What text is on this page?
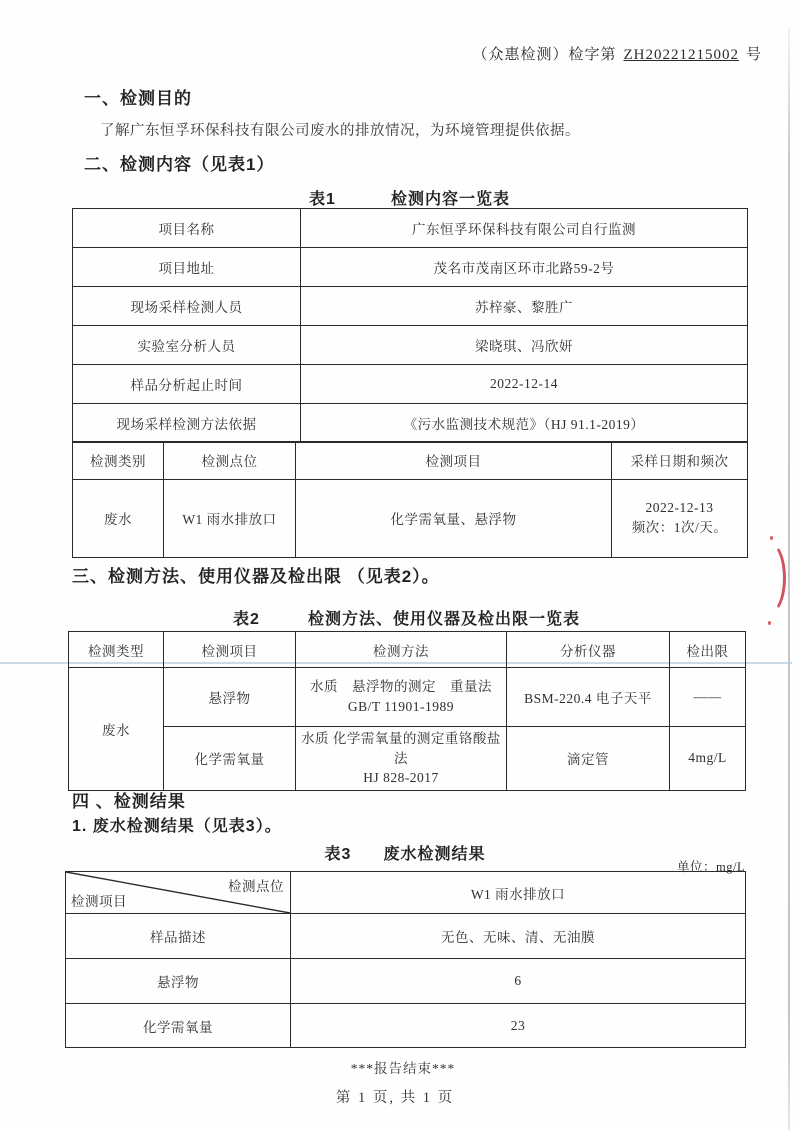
（众惠检测）检字第 ZH20221215002 号
一、检测目的
了解广东恒孚环保科技有限公司废水的排放情况，为环境管理提供依据。
二、检测内容（见表1）
表1	检测内容一览表
项目名称	广东恒孚环保科技有限公司自行监测
项目地址	茂名市茂南区环市北路59-2号
现场采样检测人员	苏梓豪、黎胜广
实验室分析人员	梁晓琪、冯欣妍
样品分析起止时间	2022-12-14
现场采样检测方法依据	《污水监测技术规范》（HJ 91.1-2019）
检测类别	检测点位	检测项目	采样日期和频次
废水	W1 雨水排放口	化学需氧量、悬浮物	2022-12-13
频次：1次/天。
三、检测方法、使用仪器及检出限 （见表2）。
表2	检测方法、使用仪器及检出限一览表
检测类型	检测项目	检测方法	分析仪器	检出限
废水	悬浮物	水质　悬浮物的测定　重量法
GB/T 11901-1989	BSM-220.4 电子天平	——
	化学需氧量	水质 化学需氧量的测定重铬酸盐法
HJ 828-2017	滴定管	4mg/L
四 、检测结果
1. 废水检测结果（见表3）。
表3 废水检测结果
单位：mg/L
检测点位
检测项目	W1 雨水排放口
样品描述	无色、无味、清、无油膜
悬浮物	6
化学需氧量	23
***报告结束***
第 1 页, 共 1 页
